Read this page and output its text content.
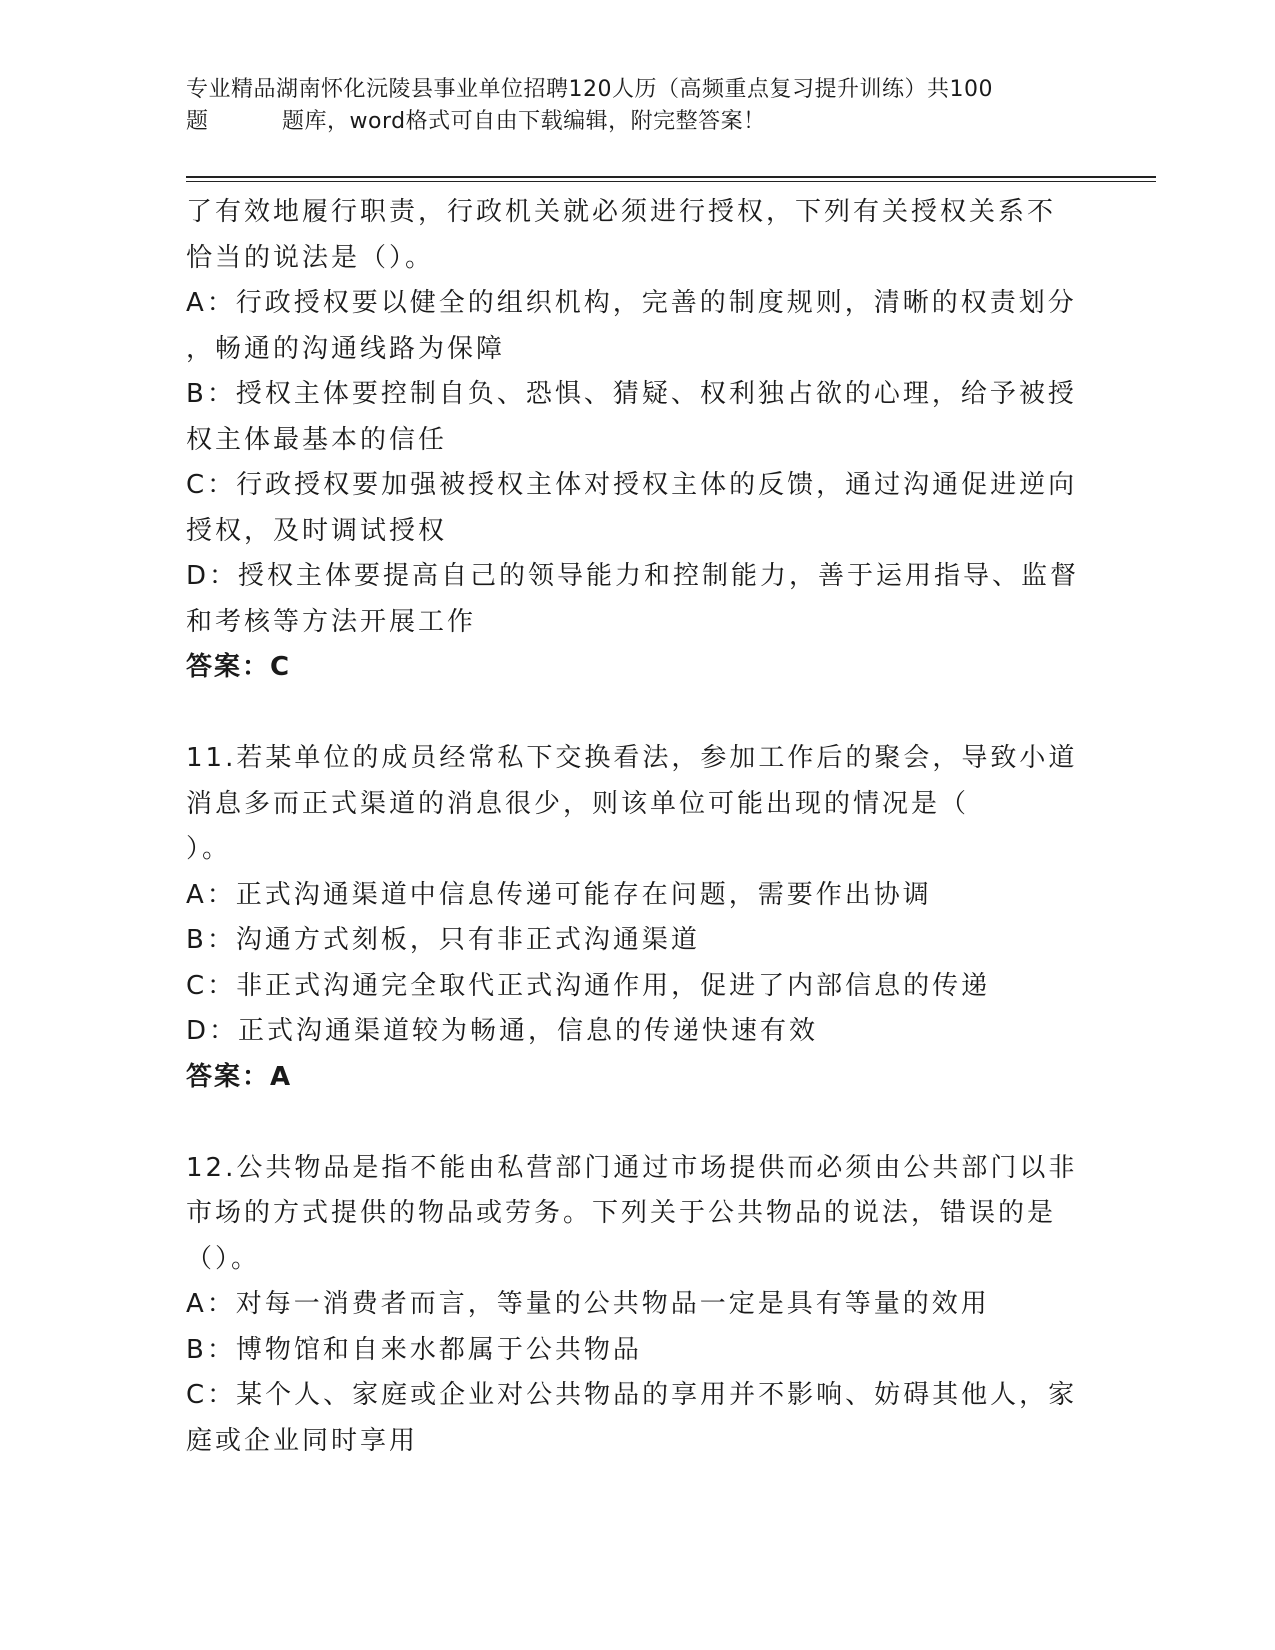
专业精品湖南怀化沅陵县事业单位招聘120人历（高频重点复习提升训练）共100
题	题库，word格式可自由下载编辑，附完整答案！
了有效地履行职责，行政机关就必须进行授权，下列有关授权关系不
恰当的说法是（）。
A：行政授权要以健全的组织机构，完善的制度规则，清晰的权责划分
，畅通的沟通线路为保障
B：授权主体要控制自负、恐惧、猜疑、权利独占欲的心理，给予被授
权主体最基本的信任
C：行政授权要加强被授权主体对授权主体的反馈，通过沟通促进逆向
授权，及时调试授权
D：授权主体要提高自己的领导能力和控制能力，善于运用指导、监督
和考核等方法开展工作
答案：C
11.若某单位的成员经常私下交换看法，参加工作后的聚会，导致小道
消息多而正式渠道的消息很少，则该单位可能出现的情况是（
）。
A：正式沟通渠道中信息传递可能存在问题，需要作出协调
B：沟通方式刻板，只有非正式沟通渠道
C：非正式沟通完全取代正式沟通作用，促进了内部信息的传递
D：正式沟通渠道较为畅通，信息的传递快速有效
答案：A
12.公共物品是指不能由私营部门通过市场提供而必须由公共部门以非
市场的方式提供的物品或劳务。下列关于公共物品的说法，错误的是
（）。
A：对每一消费者而言，等量的公共物品一定是具有等量的效用
B：博物馆和自来水都属于公共物品
C：某个人、家庭或企业对公共物品的享用并不影响、妨碍其他人，家
庭或企业同时享用
